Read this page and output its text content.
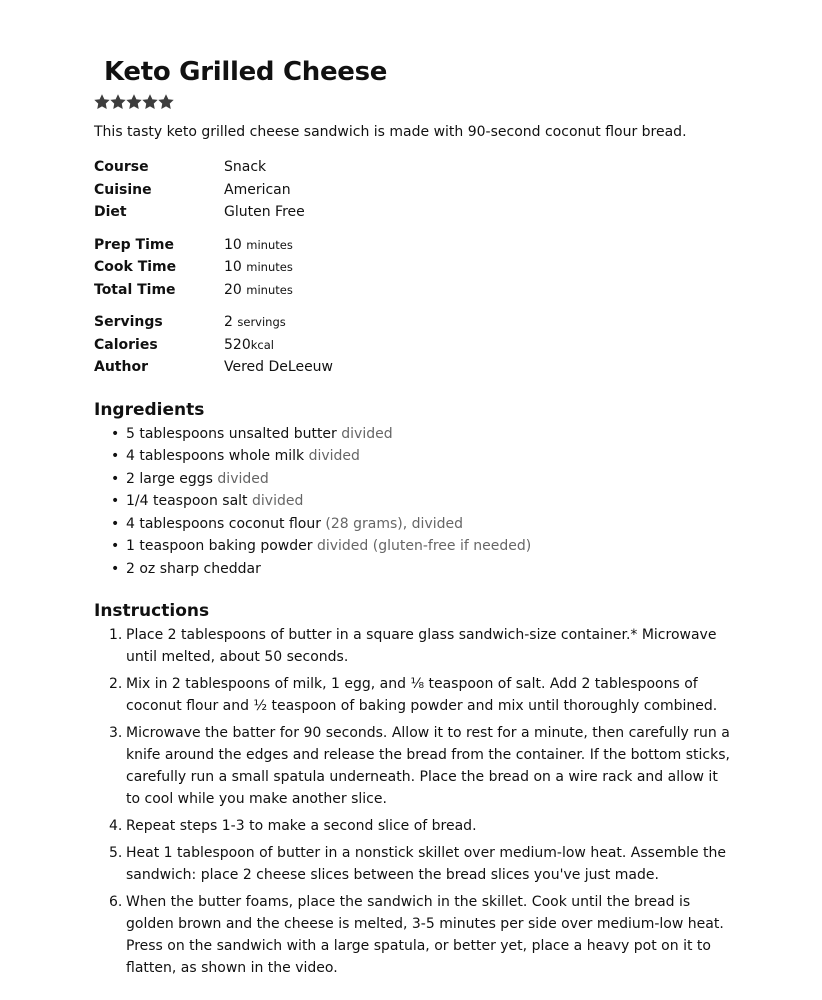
Keto Grilled Cheese

This tasty keto grilled cheese sandwich is made with 90-second coconut flour bread.

Course	Snack
Cuisine	American
Diet	Gluten Free
Prep Time	10 minutes
Cook Time	10 minutes
Total Time	20 minutes
Servings	2 servings
Calories	520kcal
Author	Vered DeLeeuw
Ingredients
• 5 tablespoons unsalted butter divided
• 4 tablespoons whole milk divided
• 2 large eggs divided
• 1/4 teaspoon salt divided
• 4 tablespoons coconut flour (28 grams), divided
• 1 teaspoon baking powder divided (gluten-free if needed)
• 2 oz sharp cheddar
Instructions
1. Place 2 tablespoons of butter in a square glass sandwich-size container.* Microwave until melted, about 50 seconds.
2. Mix in 2 tablespoons of milk, 1 egg, and ⅛ teaspoon of salt. Add 2 tablespoons of coconut flour and ½ teaspoon of baking powder and mix until thoroughly combined.
3. Microwave the batter for 90 seconds. Allow it to rest for a minute, then carefully run a knife around the edges and release the bread from the container. If the bottom sticks, carefully run a small spatula underneath. Place the bread on a wire rack and allow it to cool while you make another slice.
4. Repeat steps 1-3 to make a second slice of bread.
5. Heat 1 tablespoon of butter in a nonstick skillet over medium-low heat. Assemble the sandwich: place 2 cheese slices between the bread slices you've just made.
6. When the butter foams, place the sandwich in the skillet. Cook until the bread is golden brown and the cheese is melted, 3-5 minutes per side over medium-low heat. Press on the sandwich with a large spatula, or better yet, place a heavy pot on it to flatten, as shown in the video.
